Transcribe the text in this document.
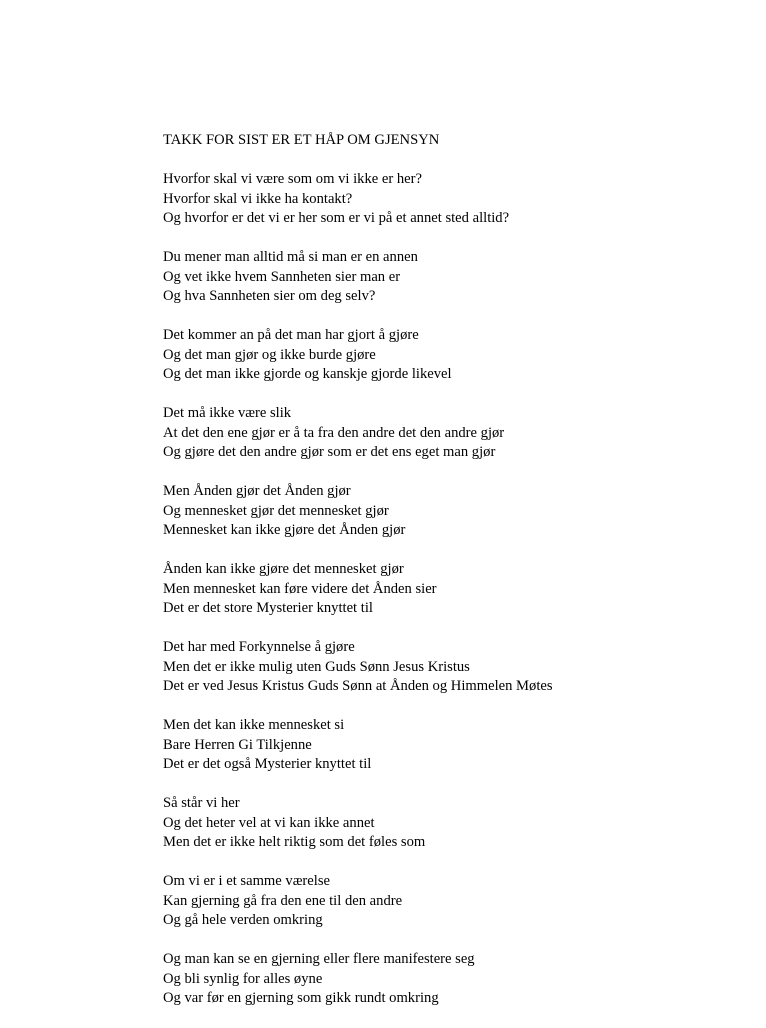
TAKK FOR SIST ER ET HÅP OM GJENSYN
Hvorfor skal vi være som om vi ikke er her?
Hvorfor skal vi ikke ha kontakt?
Og hvorfor er det vi er her som er vi på et annet sted alltid?
Du mener man alltid må si man er en annen
Og vet ikke hvem Sannheten sier man er
Og hva Sannheten sier om deg selv?
Det kommer an på det man har gjort å gjøre
Og det man gjør og ikke burde gjøre
Og det man ikke gjorde og kanskje gjorde likevel
Det må ikke være slik
At det den ene gjør er å ta fra den andre det den andre gjør
Og gjøre det den andre gjør som er det ens eget man gjør
Men Ånden gjør det Ånden gjør
Og mennesket gjør det mennesket gjør
Mennesket kan ikke gjøre det Ånden gjør
Ånden kan ikke gjøre det mennesket gjør
Men mennesket kan føre videre det Ånden sier
Det er det store Mysterier knyttet til
Det har med Forkynnelse å gjøre
Men det er ikke mulig uten Guds Sønn Jesus Kristus
Det er ved Jesus Kristus Guds Sønn at Ånden og Himmelen Møtes
Men det kan ikke mennesket si
Bare Herren Gi Tilkjenne
Det er det også Mysterier knyttet til
Så står vi her
Og det heter vel at vi kan ikke annet
Men det er ikke helt riktig som det føles som
Om vi er i et samme værelse
Kan gjerning gå fra den ene til den andre
Og gå hele verden omkring
Og man kan se en gjerning eller flere manifestere seg
Og bli synlig for alles øyne
Og var før en gjerning som gikk rundt omkring
